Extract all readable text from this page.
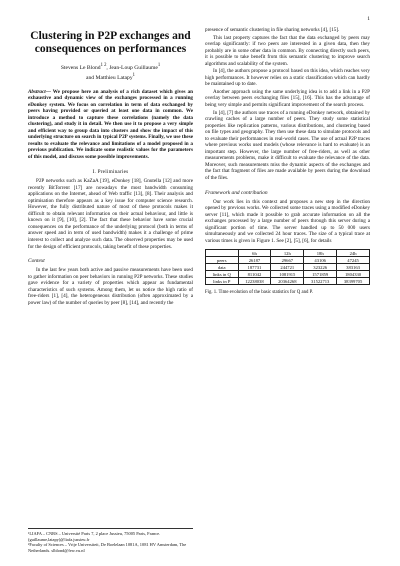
1
Clustering in P2P exchanges and consequences on performances
Stevens Le Blond$^{1 2}$, Jean-Loup Guillaume$^1$
and Matthieu Latapy$^1$
Abstract— We propose here an analysis of a rich dataset which gives an exhaustive and dynamic view of the exchanges processed in a running eDonkey system. We focus on correlation in term of data exchanged by peers having provided or queried at least one data in common. We introduce a method to capture these correlations (namely the data clustering), and study it in detail. We then use it to propose a very simple and efficient way to group data into clusters and show the impact of this underlying structure on search in typical P2P systems. Finally, we use these results to evaluate the relevance and limitations of a model proposed in a previous publication. We indicate some realistic values for the parameters of this model, and discuss some possible improvements.
I. Preliminaries

P2P networks such as KaZaA [19], eDonkey [18], Gnutella [12] and more recently BitTorrent [17] are nowadays the most bandwidth consuming applications on the Internet, ahead of Web traffic [13], [8]. Their analysis and optimisation therefore appears as a key issue for computer science research. However, the fully distributed nature of most of these protocols makes it difficult to obtain relevant information on their actual behaviour, and little is known on it [9], [10], [2]. The fact that these behavior have some crucial consequences on the performance of the underlying protocol (both in terms of answer speed and in term of used bandwidth) makes it a challenge of prime interest to collect and analyze such data. The observed properties may be used for the design of efficient protocols, taking benefit of these properties.

Context

In the last few years both active and passive measurements have been used to gather information on peer behaviors in running P2P networks. These studies gave evidence for a variety of properties which appear as fundamental characteristics of such systems. Among them, let us notice the high ratio of free-riders [1], [4], the heterogeneous distribution (often approximated by a power law) of the number of queries by peer [8], [14], and recently the

¹LIAFA – CNRS – Université Paris 7, 2 place Jussieu, 75005 Paris, France. (guillaume,latapy)@liafa.jussieu.fr
²Faculty of Sciences – Vrije Universiteit, De Boelelaan 1081A, 1081 HV Amsterdam, The Netherlands. slblond@few.vu.nl

presence of semantic clustering in file sharing networks [4], [15].

This last property captures the fact that the data exchanged by peers may overlap significantly: if two peers are interested in a given data, then they probably are in some other data in common. By connecting directly such peers, it is possible to take benefit from this semantic clustering to improve search algorithms and scalability of the system.

In [4], the authors propose a protocol based on this idea, which reaches very high performances. It however relies on a static classification which can hardly be maintained up to date.

Another approach using the same underlying idea is to add a link in a P2P overlay between peers exchanging files [15], [16]. This has the advantage of being very simple and permits significant improvement of the search process.

In [4], [7] the authors use traces of a running eDonkey network, obtained by crawling caches of a large number of peers. They study some statistical properties like replication patterns, various distributions, and clustering based on file types and geography. They then use these data to simulate protocols and to evaluate their performances in real-world cases. The use of actual P2P traces where previous works used models (whose relevance is hard to evaluate) is an important step. However, the large number of free-riders, as well as other measurements problems, make it difficult to evaluate the relevance of the data. Moreover, such measurements miss the dynamic aspects of the exchanges and the fact that fragment of files are made available by peers during the download of the files.

Framework and contribution

Our work lies in this context and proposes a new step in the direction opened by previous works. We collected some traces using a modified eDonkey server [11], which made it possible to grab accurate information on all the exchanges processed by a large number of peers through this server during a significant portion of time. The server handled up to 50 000 users simultaneously and we collected 24 hour traces. The size of a typical trace at various times is given in Figure 1. See [2], [5], [6], for details

	6h	12h	18h	24h
peers	26187	29667	43106	47245
data	187731	244721	323226	383163
links in Q	811042	1081915	1571859	1804330
links in P	12238038	20364268	31522713	38399705
Fig. 1. Time evolution of the basic statistics for Q and P.
